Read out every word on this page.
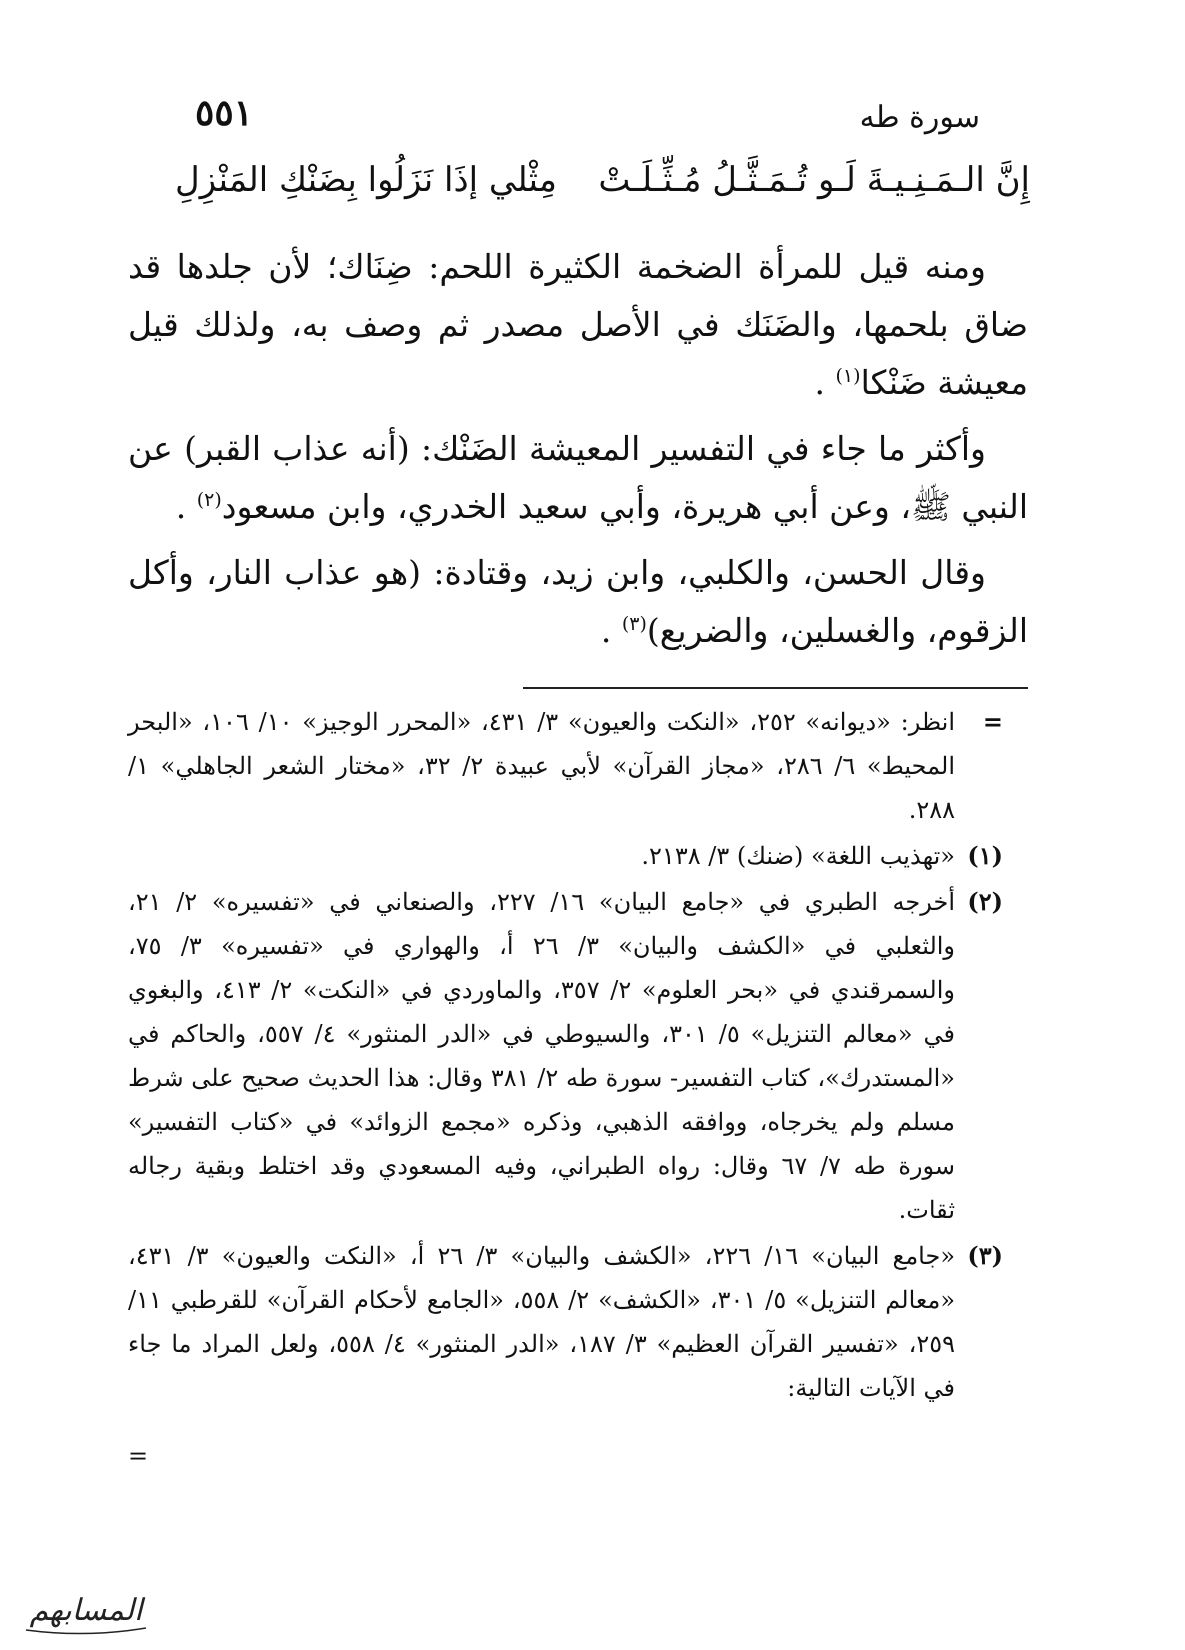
سورة طه
٥٥١
إِنَّ الـمَـنِـيـةَ لَـو تُـمَـثَّـلُ مُـثِّـلَـتْ
مِثْلي إذَا نَزَلُوا بِضَنْكِ المَنْزِلِ

ومنه قيل للمرأة الضخمة الكثيرة اللحم: ضِنَاك؛ لأن جلدها قد ضاق بلحمها، والضَنَك في الأصل مصدر ثم وصف به، ولذلك قيل معيشة ضَنْكا$^{(١)}$ .

وأكثر ما جاء في التفسير المعيشة الضَنْك: (أنه عذاب القبر) عن النبي ﷺ، وعن أبي هريرة، وأبي سعيد الخدري، وابن مسعود$^{(٢)}$ .

وقال الحسن، والكلبي، وابن زيد، وقتادة: (هو عذاب النار، وأكل الزقوم، والغسلين، والضريع)$^{(٣)}$ .

=
انظر: «ديوانه» ٢٥٢، «النكت والعيون» ٣/ ٤٣١، «المحرر الوجيز» ١٠/ ١٠٦، «البحر المحيط» ٦/ ٢٨٦، «مجاز القرآن» لأبي عبيدة ٢/ ٣٢، «مختار الشعر الجاهلي» ١/ ٢٨٨.
(١)
«تهذيب اللغة» (ضنك) ٣/ ٢١٣٨.
(٢)
أخرجه الطبري في «جامع البيان» ١٦/ ٢٢٧، والصنعاني في «تفسيره» ٢/ ٢١، والثعلبي في «الكشف والبيان» ٣/ ٢٦ أ، والهواري في «تفسيره» ٣/ ٧٥، والسمرقندي في «بحر العلوم» ٢/ ٣٥٧، والماوردي في «النكت» ٢/ ٤١٣، والبغوي في «معالم التنزيل» ٥/ ٣٠١، والسيوطي في «الدر المنثور» ٤/ ٥٥٧، والحاكم في «المستدرك»، كتاب التفسير- سورة طه ٢/ ٣٨١ وقال: هذا الحديث صحيح على شرط مسلم ولم يخرجاه، ووافقه الذهبي، وذكره «مجمع الزوائد» في «كتاب التفسير» سورة طه ٧/ ٦٧ وقال: رواه الطبراني، وفيه المسعودي وقد اختلط وبقية رجاله ثقات.
(٣)
«جامع البيان» ١٦/ ٢٢٦، «الكشف والبيان» ٣/ ٢٦ أ، «النكت والعيون» ٣/ ٤٣١، «معالم التنزيل» ٥/ ٣٠١، «الكشف» ٢/ ٥٥٨، «الجامع لأحكام القرآن» للقرطبي ١١/ ٢٥٩، «تفسير القرآن العظيم» ٣/ ١٨٧، «الدر المنثور» ٤/ ٥٥٨، ولعل المراد ما جاء في الآيات التالية:
=
المسابهم
